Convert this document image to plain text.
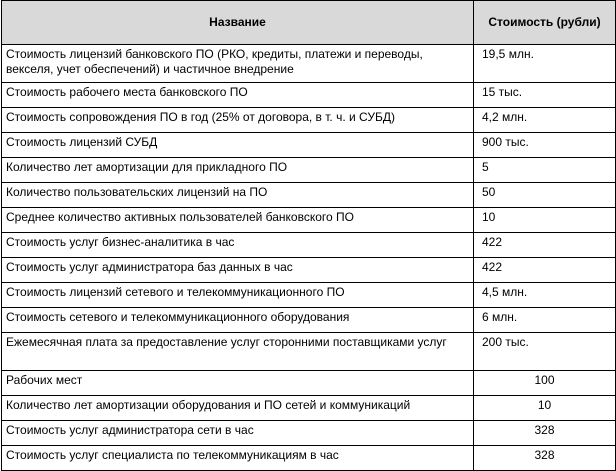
Название	Стоимость (рубли)
Стоимость лицензий банковского ПО (РКО, кредиты, платежи и переводы, векселя, учет обеспечений) и частичное внедрение	19,5 млн.
Стоимость рабочего места банковского ПО	15 тыс.
Стоимость сопровождения ПО в год (25% от договора, в т. ч. и СУБД)	4,2 млн.
Стоимость лицензий СУБД	900 тыс.
Количество лет амортизации для прикладного ПО	5
Количество пользовательских лицензий на ПО	50
Среднее количество активных пользователей банковского ПО	10
Стоимость услуг бизнес-аналитика в час	422
Стоимость услуг администратора баз данных в час	422
Стоимость лицензий сетевого и телекоммуникационного ПО	4,5 млн.
Стоимость сетевого и телекоммуникационного оборудования	6 млн.
Ежемесячная плата за предоставление услуг сторонними поставщиками услуг	200 тыс.
Рабочих мест	100
Количество лет амортизации оборудования и ПО сетей и коммуникаций	10
Стоимость услуг администратора сети в час	328
Стоимость услуг специалиста по телекоммуникациям в час	328
